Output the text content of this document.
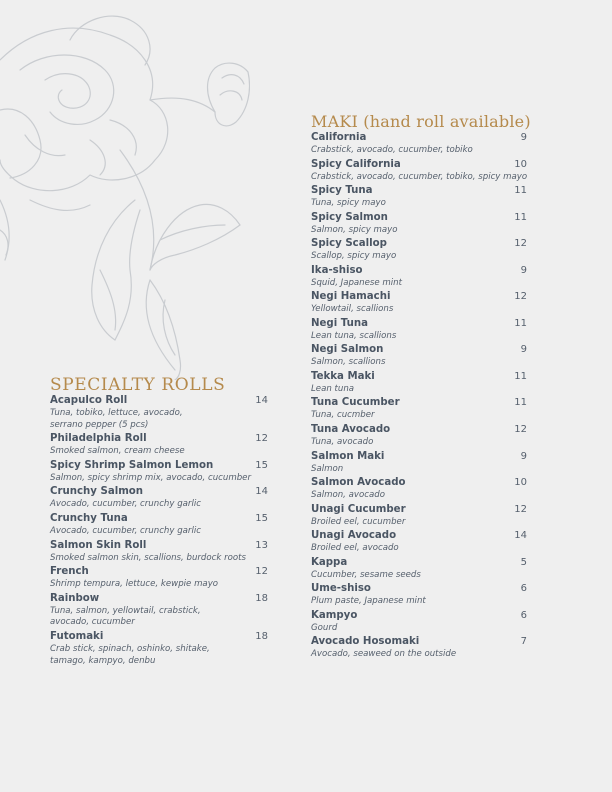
MAKI (hand roll available)
California	9
Crabstick, avocado, cucumber, tobiko
Spicy California	10
Crabstick, avocado, cucumber, tobiko, spicy mayo
Spicy Tuna	11
Tuna, spicy mayo
Spicy Salmon	11
Salmon, spicy mayo
Spicy Scallop	12
Scallop, spicy mayo
Ika-shiso	9
Squid, Japanese mint
Negi Hamachi	12
Yellowtail, scallions
Negi Tuna	11
Lean tuna, scallions
Negi Salmon	9
Salmon, scallions
Tekka Maki	11
Lean tuna
Tuna Cucumber	11
Tuna, cucmber
Tuna Avocado	12
Tuna, avocado
Salmon Maki	9
Salmon
Salmon Avocado	10
Salmon, avocado
Unagi Cucumber	12
Broiled eel, cucumber
Unagi Avocado	14
Broiled eel, avocado
Kappa	5
Cucumber, sesame seeds
Ume-shiso	6
Plum paste, Japanese mint
Kampyo	6
Gourd
Avocado Hosomaki	7
Avocado, seaweed on the outside
SPECIALTY ROLLS
Acapulco Roll	14
Tuna, tobiko, lettuce, avocado,
serrano pepper (5 pcs)
Philadelphia Roll	12
Smoked salmon, cream cheese
Spicy Shrimp Salmon Lemon	15
Salmon, spicy shrimp mix, avocado, cucumber
Crunchy Salmon	14
Avocado, cucumber, crunchy garlic
Crunchy Tuna	15
Avocado, cucumber, crunchy garlic
Salmon Skin Roll	13
Smoked salmon skin, scallions, burdock roots
French	12
Shrimp tempura, lettuce, kewpie mayo
Rainbow	18
Tuna, salmon, yellowtail, crabstick,
avocado, cucumber
Futomaki	18
Crab stick, spinach, oshinko, shitake,
tamago, kampyo, denbu
